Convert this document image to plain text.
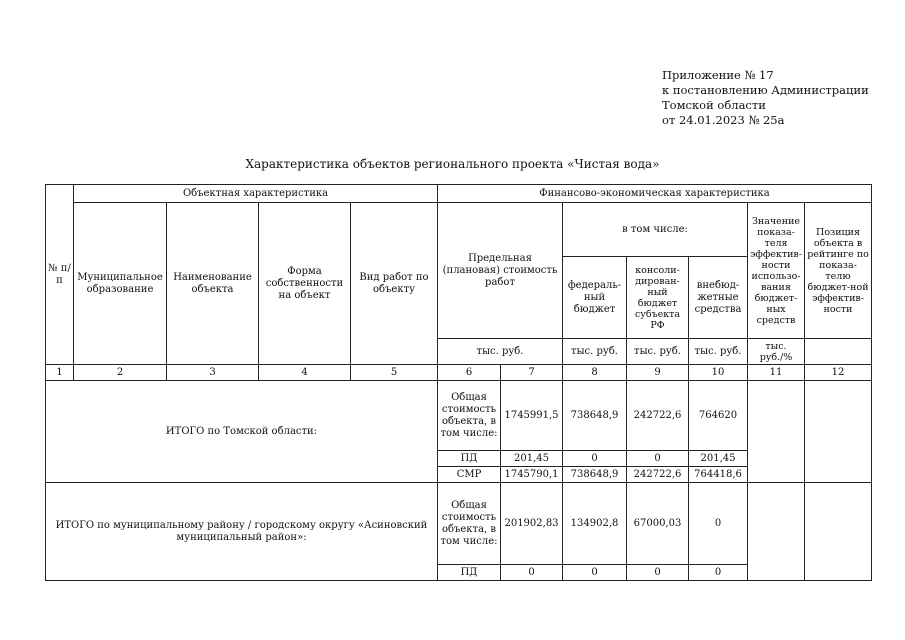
Приложение № 17
к постановлению Администрации
Томской области
от 24.01.2023 № 25а
Характеристика объектов регионального проекта «Чистая вода»
№ п/п	Объектная характеристика				Финансово-экономическая характеристика						
	Муниципальное образование	Наименование объекта	Форма собственности на объект	Вид работ по объекту	Предельная (плановая) стоимость работ		в том числе:			Значение показа-теля эффектив-ности использо-вания бюджет-ных средств	Позиция объекта в рейтинге по показа-телю бюджет-ной эффектив-ности
							федераль-ный бюджет	консоли-дирован-ный бюджет субъекта РФ	внебюд-жетные средства		
					тыс. руб.		тыс. руб.	тыс. руб.	тыс. руб.	тыс. руб./%	
1	2	3	4	5	6	7	8	9	10	11	12
ИТОГО по Томской области:					Общая стоимость объекта, в том числе:	1745991,5	738648,9	242722,6	764620		
					ПД	201,45	0	0	201,45		
					СМР	1745790,1	738648,9	242722,6	764418,6		
ИТОГО по муниципальному району / городскому округу «Асиновский муниципальный район»:					Общая стоимость объекта, в том числе:	201902,83	134902,8	67000,03	0		
					ПД	0	0	0	0		
